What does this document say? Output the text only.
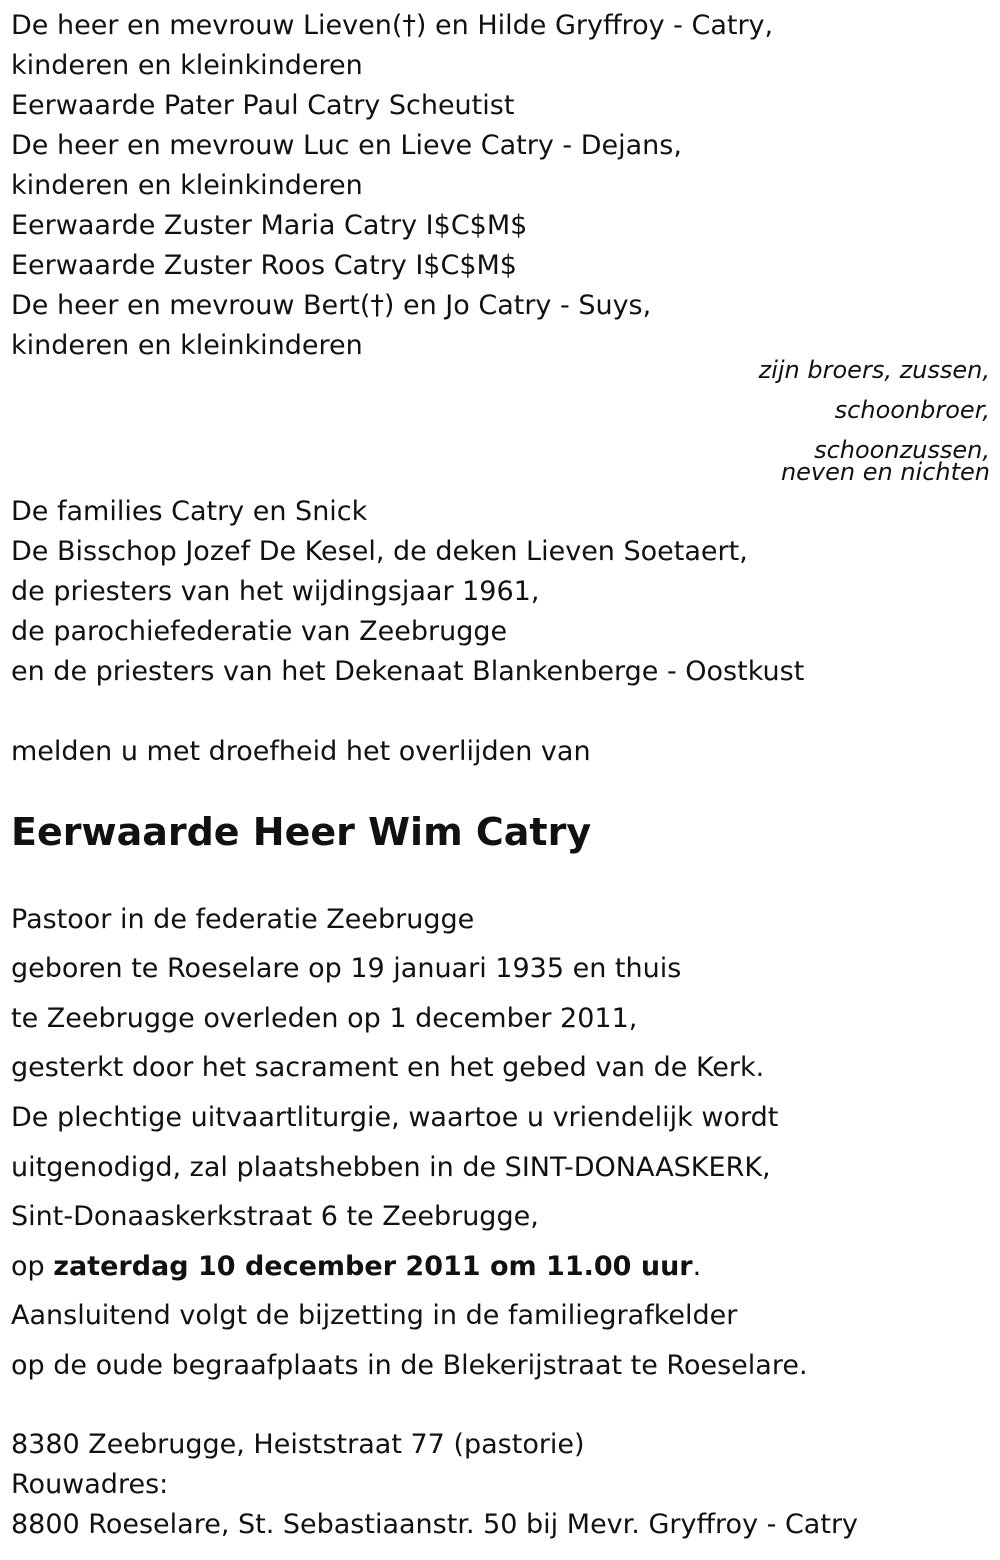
De heer en mevrouw Lieven(†) en Hilde Gryffroy - Catry,

kinderen en kleinkinderen

Eerwaarde Pater Paul Catry Scheutist

De heer en mevrouw Luc en Lieve Catry - Dejans,

kinderen en kleinkinderen

Eerwaarde Zuster Maria Catry I$C$M$

Eerwaarde Zuster Roos Catry I$C$M$

De heer en mevrouw Bert(†) en Jo Catry - Suys,

kinderen en kleinkinderen

zijn broers, zussen,

schoonbroer,

schoonzussen,

neven en nichten

De families Catry en Snick

De Bisschop Jozef De Kesel, de deken Lieven Soetaert,

de priesters van het wijdingsjaar 1961,

de parochiefederatie van Zeebrugge

en de priesters van het Dekenaat Blankenberge - Oostkust

melden u met droefheid het overlijden van

Eerwaarde Heer Wim Catry

Pastoor in de federatie Zeebrugge

geboren te Roeselare op 19 januari 1935 en thuis

te Zeebrugge overleden op 1 december 2011,

gesterkt door het sacrament en het gebed van de Kerk.

De plechtige uitvaartliturgie, waartoe u vriendelijk wordt

uitgenodigd, zal plaatshebben in de SINT-DONAASKERK,

Sint-Donaaskerkstraat 6 te Zeebrugge,

op zaterdag 10 december 2011 om 11.00 uur.

Aansluitend volgt de bijzetting in de familiegrafkelder

op de oude begraafplaats in de Blekerijstraat te Roeselare.

8380 Zeebrugge, Heiststraat 77 (pastorie)

Rouwadres:

8800 Roeselare, St. Sebastiaanstr. 50 bij Mevr. Gryffroy - Catry
